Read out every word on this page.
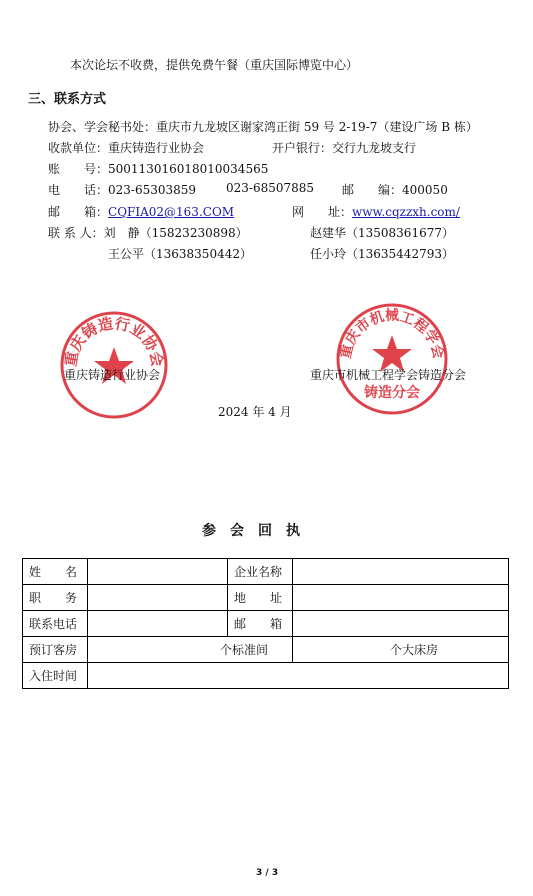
本次论坛不收费，提供免费午餐（重庆国际博览中心）
三、联系方式
协会、学会秘书处：重庆市九龙坡区谢家湾正街 59 号 2-19-7（建设广场 B 栋）
收款单位：重庆铸造行业协会	开户银行：交行九龙坡支行
账　　号：500113016018010034565
电　　话：023-65303859 023-68507885 邮　　编：400050
邮　　箱：CQFIA02@163.COM	网　　址：www.cqzzxh.com/
联 系 人：刘　静（15823230898）	赵建华（13508361677）
王公平（13638350442）	任小玲（13635442793）
重庆铸造行业协会	重庆市机械工程学会
铸造分会
重庆铸造行业协会	重庆市机械工程学会铸造分会
2024 年 4 月
参　会　回　执
姓　　名		企业名称	
职　　务		地　　址	
联系电话		邮　　箱	
预订客房	个标准间		个大床房
入住时间			
3 / 3
